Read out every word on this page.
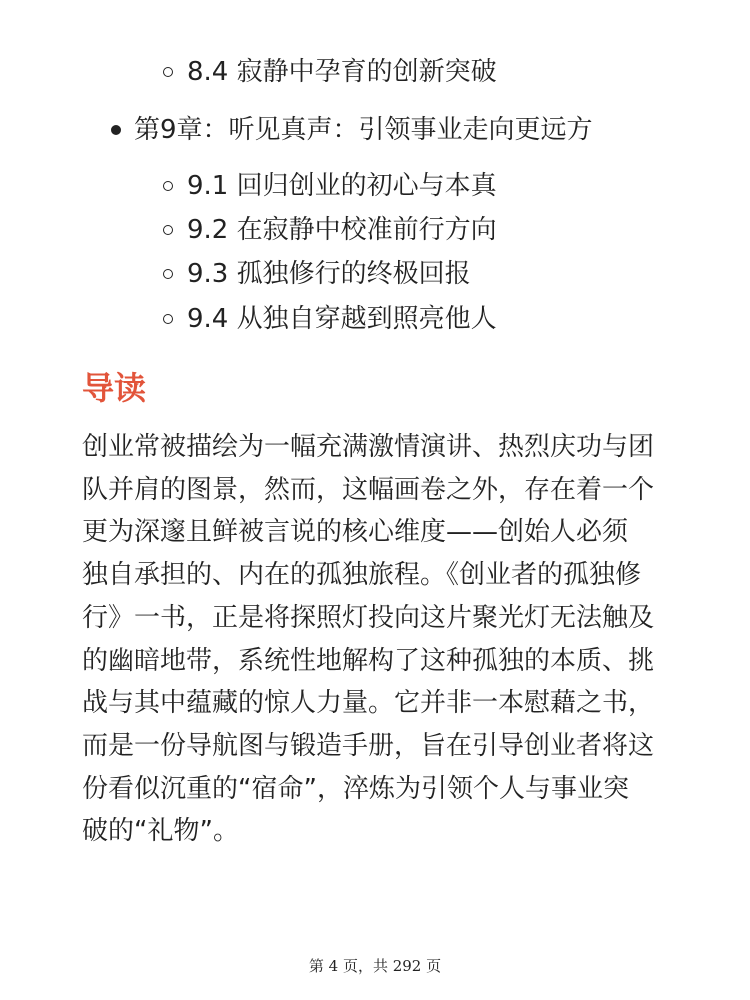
8.4 寂静中孕育的创新突破
第9章：听见真声：引领事业走向更远方
9.1 回归创业的初心与本真
9.2 在寂静中校准前行方向
9.3 孤独修行的终极回报
9.4 从独自穿越到照亮他人
导读
创业常被描绘为一幅充满激情演讲、热烈庆功与团
队并肩的图景，然而，这幅画卷之外，存在着一个
更为深邃且鲜被言说的核心维度——创始人必须
独自承担的、内在的孤独旅程。《创业者的孤独修
行》一书，正是将探照灯投向这片聚光灯无法触及
的幽暗地带，系统性地解构了这种孤独的本质、挑
战与其中蕴藏的惊人力量。它并非一本慰藉之书，
而是一份导航图与锻造手册，旨在引导创业者将这
份看似沉重的“宿命”，淬炼为引领个人与事业突
破的“礼物”。
第 4 页，共 292 页
